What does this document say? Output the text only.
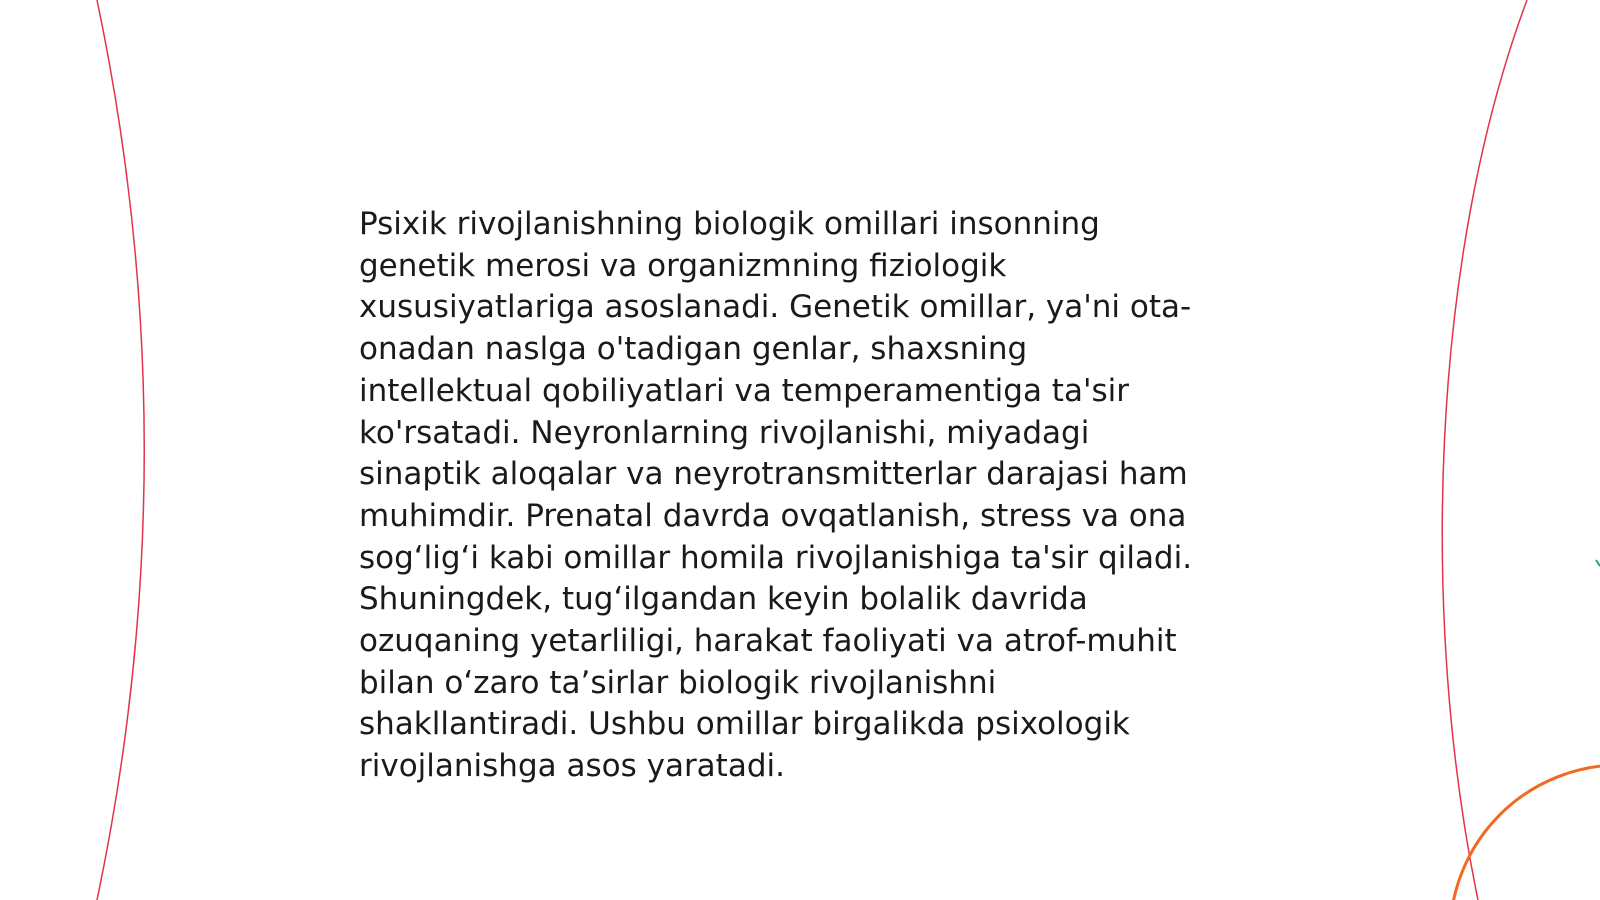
Psixik rivojlanishning biologik omillari insonning
genetik merosi va organizmning fiziologik
xususiyatlariga asoslanadi. Genetik omillar, ya'ni ota-
onadan naslga o'tadigan genlar, shaxsning
intellektual qobiliyatlari va temperamentiga ta'sir
ko'rsatadi. Neyronlarning rivojlanishi, miyadagi
sinaptik aloqalar va neyrotransmitterlar darajasi ham
muhimdir. Prenatal davrda ovqatlanish, stress va ona
sog‘lig‘i kabi omillar homila rivojlanishiga ta'sir qiladi.
Shuningdek, tug‘ilgandan keyin bolalik davrida
ozuqaning yetarliligi, harakat faoliyati va atrof-muhit
bilan o‘zaro ta’sirlar biologik rivojlanishni
shakllantiradi. Ushbu omillar birgalikda psixologik
rivojlanishga asos yaratadi.
